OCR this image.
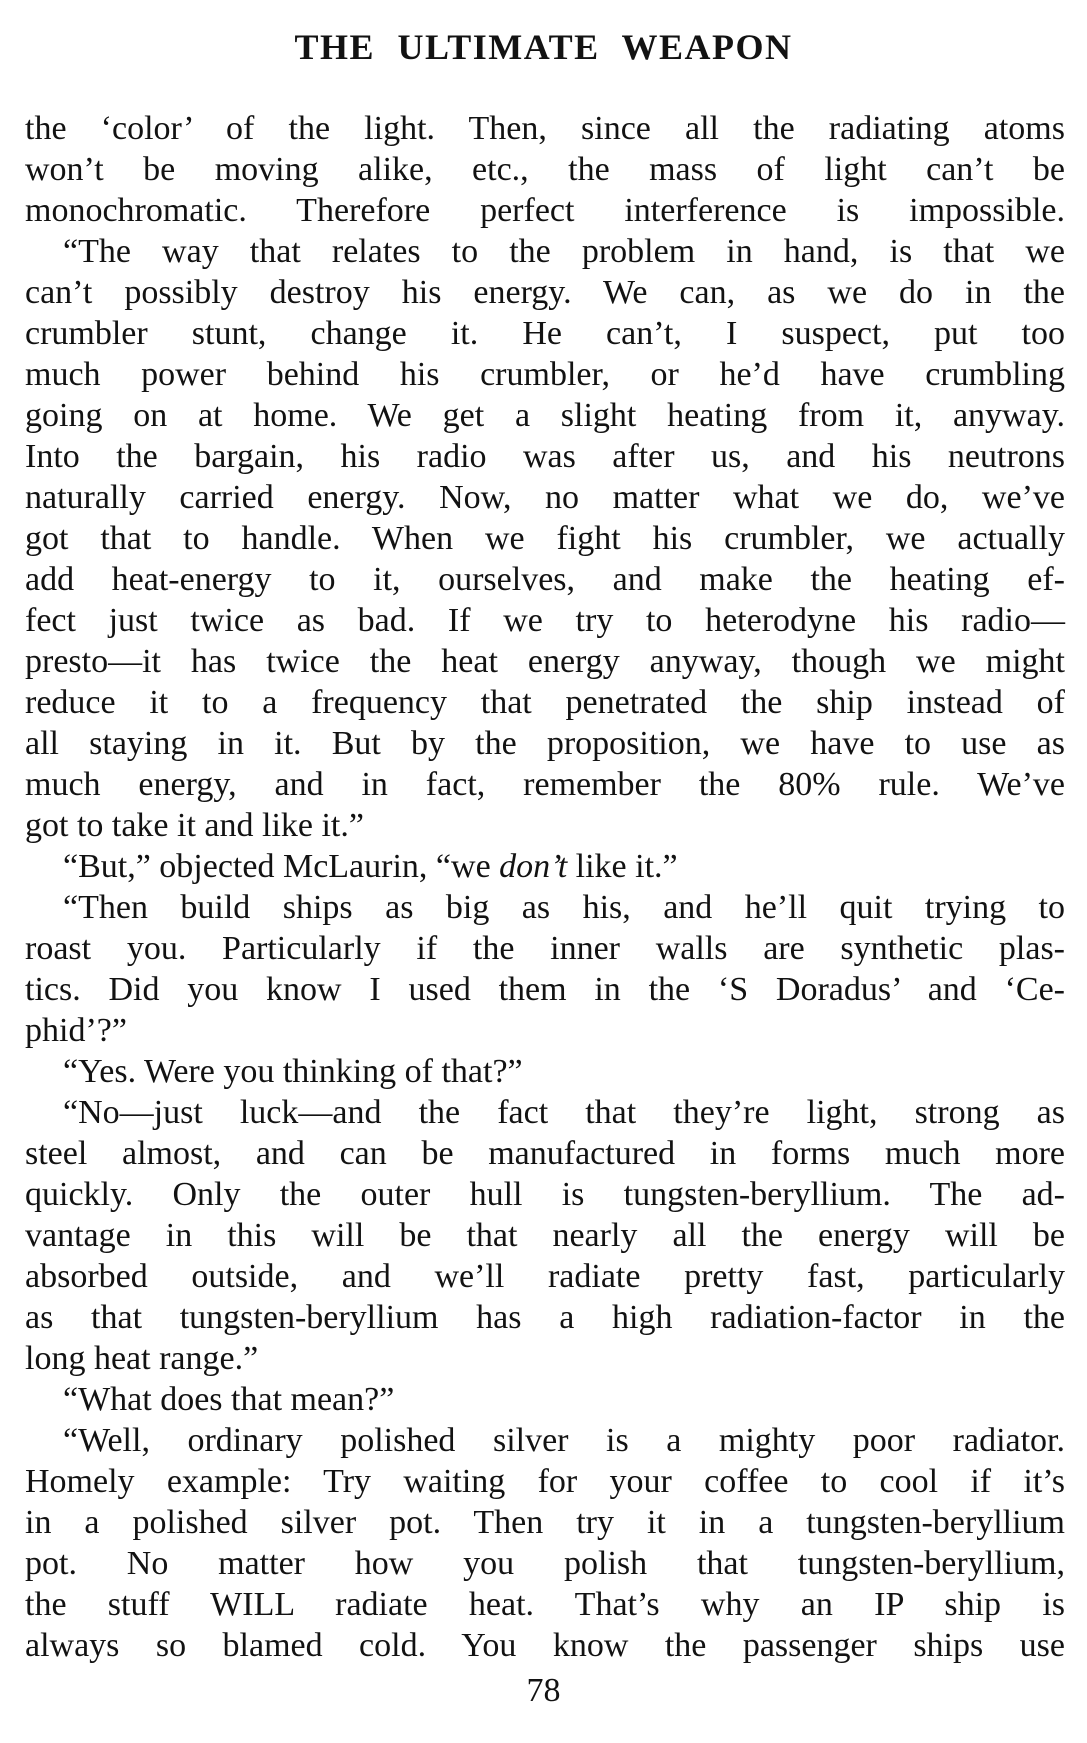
THE ULTIMATE WEAPON
the ‘color’ of the light. Then, since all the radiating atoms
won’t be moving alike, etc., the mass of light can’t be
monochromatic. Therefore perfect interference is impossible.
“The way that relates to the problem in hand, is that we
can’t possibly destroy his energy. We can, as we do in the
crumbler stunt, change it. He can’t, I suspect, put too
much power behind his crumbler, or he’d have crumbling
going on at home. We get a slight heating from it, anyway.
Into the bargain, his radio was after us, and his neutrons
naturally carried energy. Now, no matter what we do, we’ve
got that to handle. When we fight his crumbler, we actually
add heat-energy to it, ourselves, and make the heating ef-
fect just twice as bad. If we try to heterodyne his radio—
presto—it has twice the heat energy anyway, though we might
reduce it to a frequency that penetrated the ship instead of
all staying in it. But by the proposition, we have to use as
much energy, and in fact, remember the 80% rule. We’ve
got to take it and like it.”
“But,” objected McLaurin, “we don’t like it.”
“Then build ships as big as his, and he’ll quit trying to
roast you. Particularly if the inner walls are synthetic plas-
tics. Did you know I used them in the ‘S Doradus’ and ‘Ce-
phid’?”
“Yes. Were you thinking of that?”
“No—just luck—and the fact that they’re light, strong as
steel almost, and can be manufactured in forms much more
quickly. Only the outer hull is tungsten-beryllium. The ad-
vantage in this will be that nearly all the energy will be
absorbed outside, and we’ll radiate pretty fast, particularly
as that tungsten-beryllium has a high radiation-factor in the
long heat range.”
“What does that mean?”
“Well, ordinary polished silver is a mighty poor radiator.
Homely example: Try waiting for your coffee to cool if it’s
in a polished silver pot. Then try it in a tungsten-beryllium
pot. No matter how you polish that tungsten-beryllium,
the stuff WILL radiate heat. That’s why an IP ship is
always so blamed cold. You know the passenger ships use
78
